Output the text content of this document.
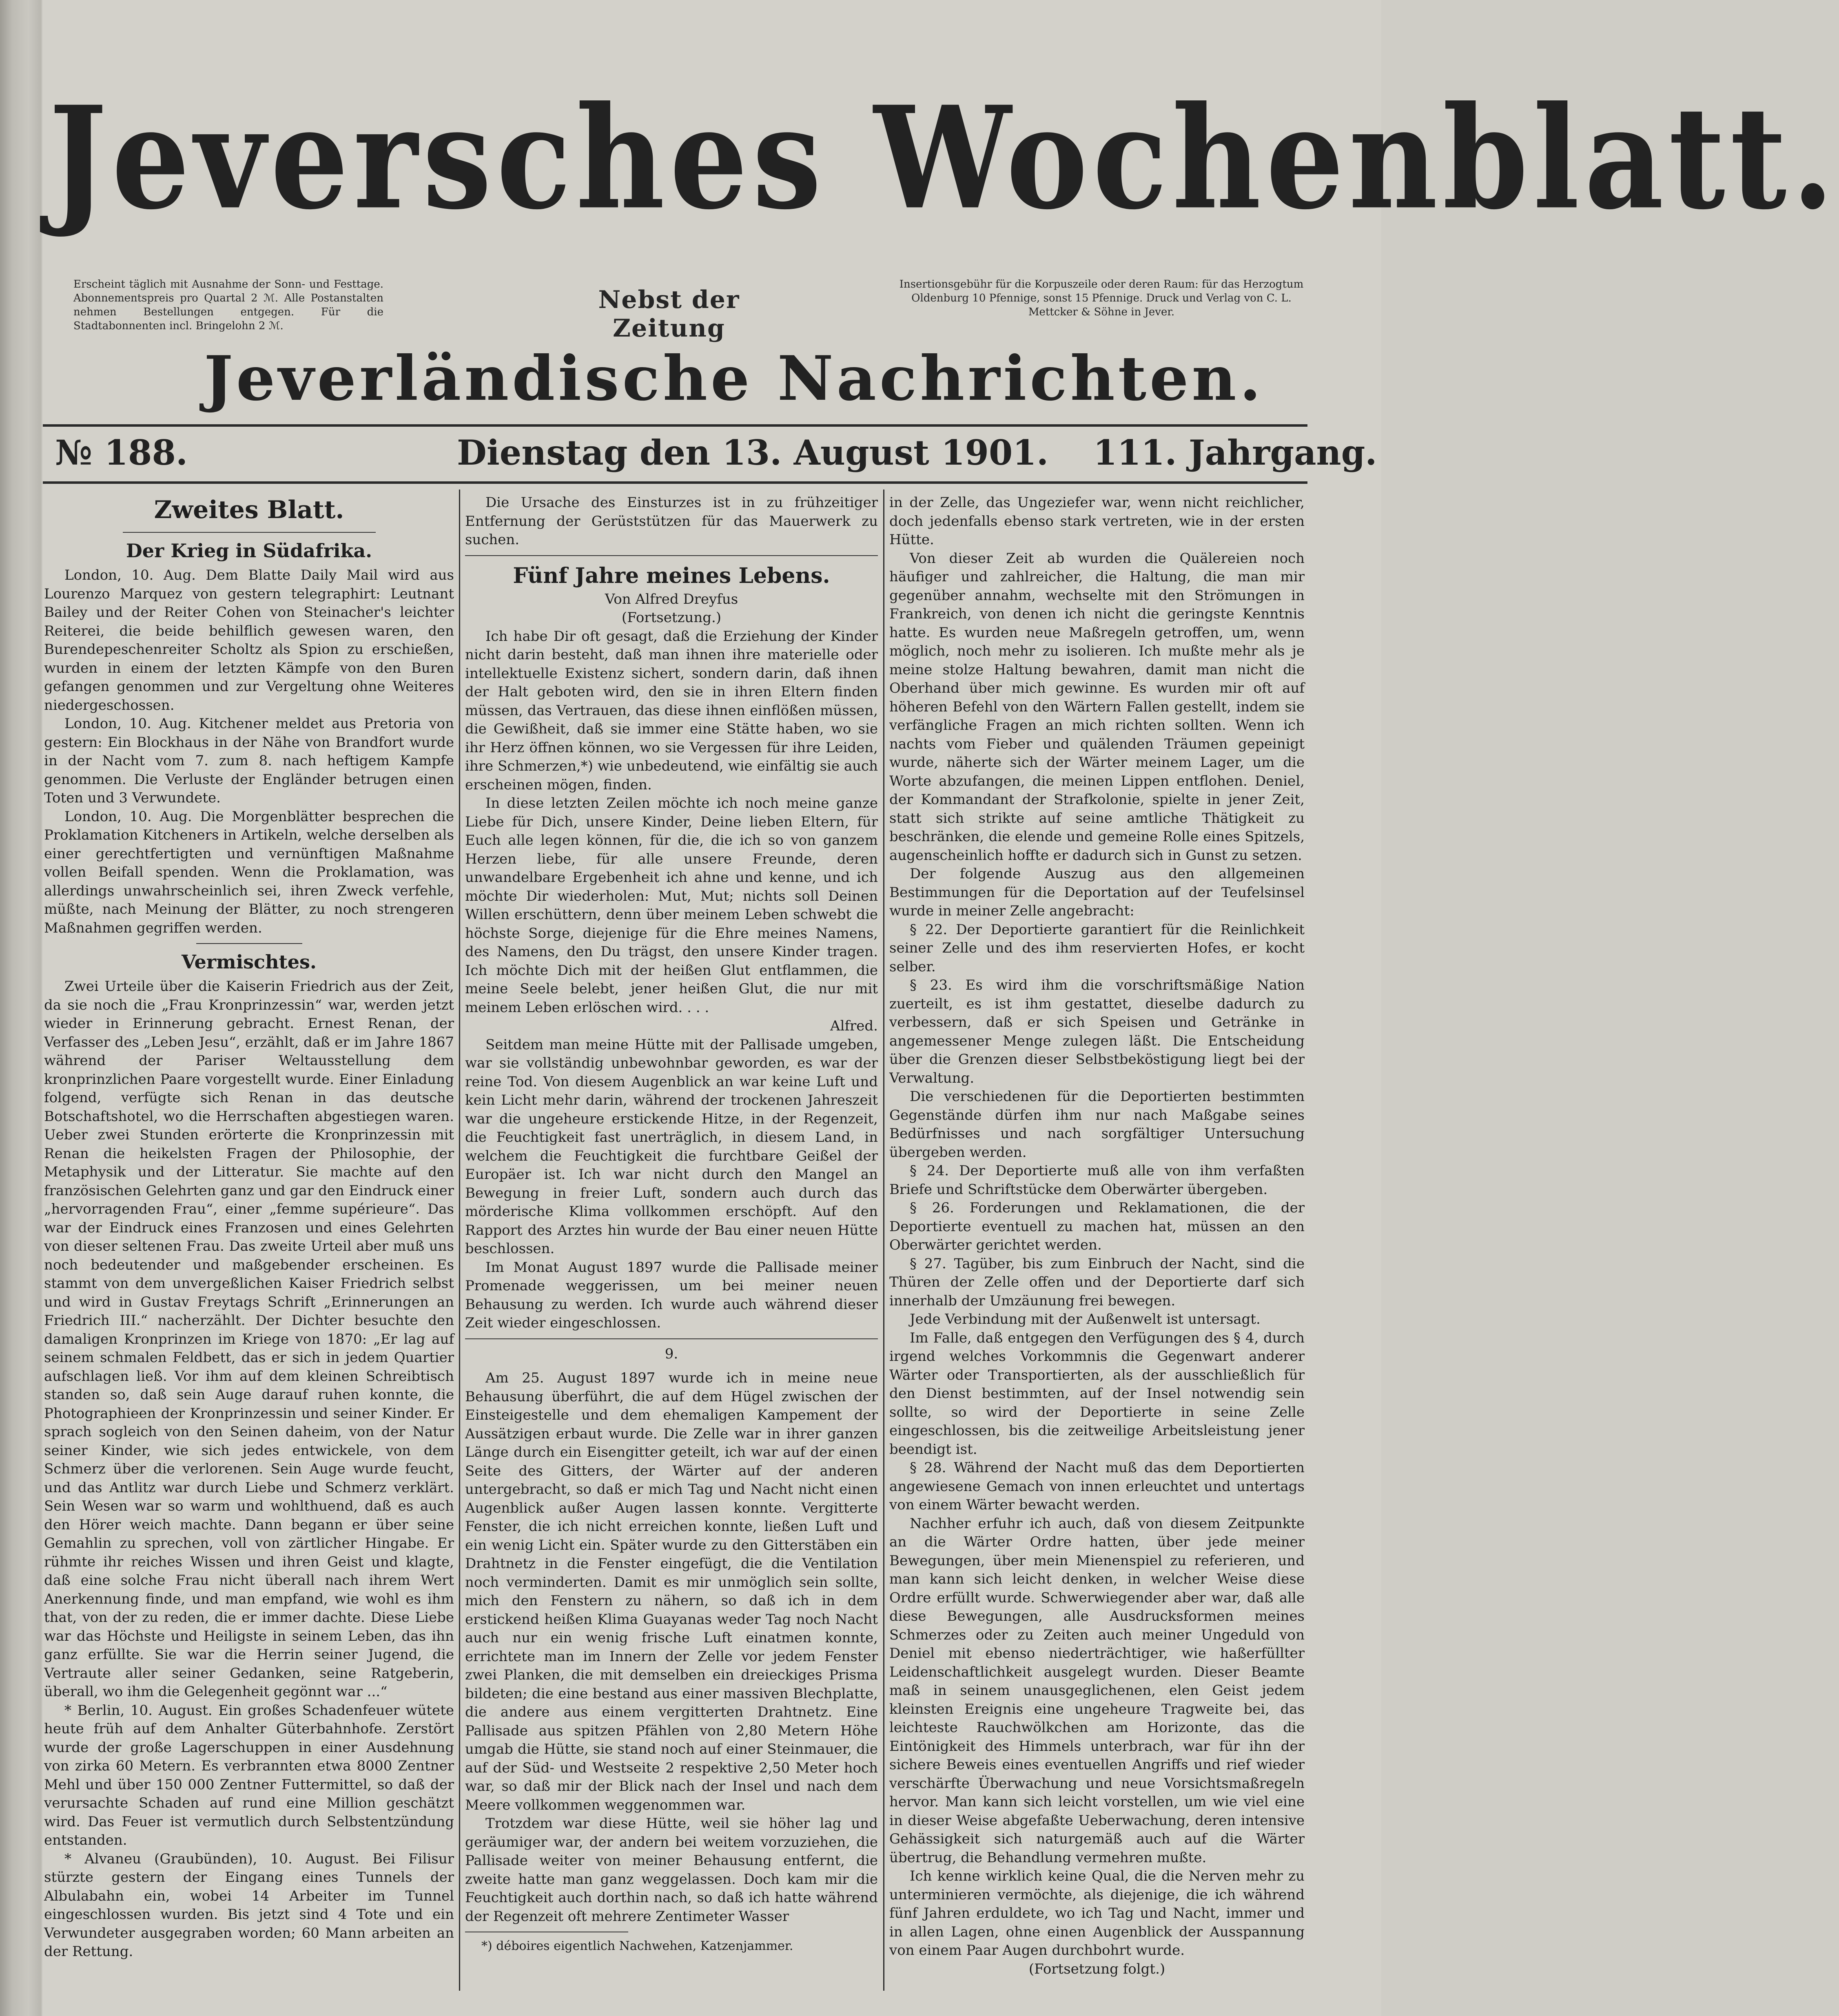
Jeversches Wochenblatt.
Erscheint täglich mit Ausnahme der Sonn- und Festtage. Abonnementspreis pro Quartal 2 ℳ. Alle Postanstalten nehmen Bestellungen entgegen. Für die Stadtabonnenten incl. Bringelohn 2 ℳ.
Nebst der Zeitung
Insertionsgebühr für die Korpuszeile oder deren Raum: für das Herzogtum Oldenburg 10 Pfennige, sonst 15 Pfennige. Druck und Verlag von C. L. Mettcker & Söhne in Jever.
Jeverländische Nachrichten.
№ 188.	Dienstag den 13. August 1901. 111. Jahrgang.
Zweites Blatt.
Der Krieg in Südafrika.

London, 10. Aug. Dem Blatte Daily Mail wird aus Lourenzo Marquez von gestern telegraphirt: Leutnant Bailey und der Reiter Cohen von Steinacher's leichter Reiterei, die beide behilflich gewesen waren, den Burendepeschenreiter Scholtz als Spion zu erschießen, wurden in einem der letzten Kämpfe von den Buren gefangen genommen und zur Vergeltung ohne Weiteres niedergeschossen.

London, 10. Aug. Kitchener meldet aus Pretoria von gestern: Ein Blockhaus in der Nähe von Brandfort wurde in der Nacht vom 7. zum 8. nach heftigem Kampfe genommen. Die Verluste der Engländer betrugen einen Toten und 3 Verwundete.

London, 10. Aug. Die Morgenblätter besprechen die Proklamation Kitcheners in Artikeln, welche derselben als einer gerechtfertigten und vernünftigen Maßnahme vollen Beifall spenden. Wenn die Proklamation, was allerdings unwahrscheinlich sei, ihren Zweck verfehle, müßte, nach Meinung der Blätter, zu noch strengeren Maßnahmen gegriffen werden.

Vermischtes.

Zwei Urteile über die Kaiserin Friedrich aus der Zeit, da sie noch die „Frau Kronprinzessin“ war, werden jetzt wieder in Erinnerung gebracht. Ernest Renan, der Verfasser des „Leben Jesu“, erzählt, daß er im Jahre 1867 während der Pariser Weltausstellung dem kronprinzlichen Paare vorgestellt wurde. Einer Einladung folgend, verfügte sich Renan in das deutsche Botschaftshotel, wo die Herrschaften abgestiegen waren. Ueber zwei Stunden erörterte die Kronprinzessin mit Renan die heikelsten Fragen der Philosophie, der Metaphysik und der Litteratur. Sie machte auf den französischen Gelehrten ganz und gar den Eindruck einer „hervorragenden Frau“, einer „femme supérieure“. Das war der Eindruck eines Franzosen und eines Gelehrten von dieser seltenen Frau. Das zweite Urteil aber muß uns noch bedeutender und maßgebender erscheinen. Es stammt von dem unvergeßlichen Kaiser Friedrich selbst und wird in Gustav Freytags Schrift „Erinnerungen an Friedrich III.“ nacherzählt. Der Dichter besuchte den damaligen Kronprinzen im Kriege von 1870: „Er lag auf seinem schmalen Feldbett, das er sich in jedem Quartier aufschlagen ließ. Vor ihm auf dem kleinen Schreibtisch standen so, daß sein Auge darauf ruhen konnte, die Photographieen der Kronprinzessin und seiner Kinder. Er sprach sogleich von den Seinen daheim, von der Natur seiner Kinder, wie sich jedes entwickele, von dem Schmerz über die verlorenen. Sein Auge wurde feucht, und das Antlitz war durch Liebe und Schmerz verklärt. Sein Wesen war so warm und wohlthuend, daß es auch den Hörer weich machte. Dann begann er über seine Gemahlin zu sprechen, voll von zärtlicher Hingabe. Er rühmte ihr reiches Wissen und ihren Geist und klagte, daß eine solche Frau nicht überall nach ihrem Wert Anerkennung finde, und man empfand, wie wohl es ihm that, von der zu reden, die er immer dachte. Diese Liebe war das Höchste und Heiligste in seinem Leben, das ihn ganz erfüllte. Sie war die Herrin seiner Jugend, die Vertraute aller seiner Gedanken, seine Ratgeberin, überall, wo ihm die Gelegenheit gegönnt war ...“

* Berlin, 10. August. Ein großes Schadenfeuer wütete heute früh auf dem Anhalter Güterbahnhofe. Zerstört wurde der große Lagerschuppen in einer Ausdehnung von zirka 60 Metern. Es verbrannten etwa 8000 Zentner Mehl und über 150 000 Zentner Futtermittel, so daß der verursachte Schaden auf rund eine Million geschätzt wird. Das Feuer ist vermutlich durch Selbstentzündung entstanden.

* Alvaneu (Graubünden), 10. August. Bei Filisur stürzte gestern der Eingang eines Tunnels der Albulabahn ein, wobei 14 Arbeiter im Tunnel eingeschlossen wurden. Bis jetzt sind 4 Tote und ein Verwundeter ausgegraben worden; 60 Mann arbeiten an der Rettung.

Die Ursache des Einsturzes ist in zu frühzeitiger Entfernung der Gerüststützen für das Mauerwerk zu suchen.

Fünf Jahre meines Lebens.

Von Alfred Dreyfus

(Fortsetzung.)

Ich habe Dir oft gesagt, daß die Erziehung der Kinder nicht darin besteht, daß man ihnen ihre materielle oder intellektuelle Existenz sichert, sondern darin, daß ihnen der Halt geboten wird, den sie in ihren Eltern finden müssen, das Vertrauen, das diese ihnen einflößen müssen, die Gewißheit, daß sie immer eine Stätte haben, wo sie ihr Herz öffnen können, wo sie Vergessen für ihre Leiden, ihre Schmerzen,*) wie unbedeutend, wie einfältig sie auch erscheinen mögen, finden.

In diese letzten Zeilen möchte ich noch meine ganze Liebe für Dich, unsere Kinder, Deine lieben Eltern, für Euch alle legen können, für die, die ich so von ganzem Herzen liebe, für alle unsere Freunde, deren unwandelbare Ergebenheit ich ahne und kenne, und ich möchte Dir wiederholen: Mut, Mut; nichts soll Deinen Willen erschüttern, denn über meinem Leben schwebt die höchste Sorge, diejenige für die Ehre meines Namens, des Namens, den Du trägst, den unsere Kinder tragen. Ich möchte Dich mit der heißen Glut entflammen, die meine Seele belebt, jener heißen Glut, die nur mit meinem Leben erlöschen wird. . . .

Alfred.

Seitdem man meine Hütte mit der Pallisade umgeben, war sie vollständig unbewohnbar geworden, es war der reine Tod. Von diesem Augenblick an war keine Luft und kein Licht mehr darin, während der trockenen Jahreszeit war die ungeheure erstickende Hitze, in der Regenzeit, die Feuchtigkeit fast unerträglich, in diesem Land, in welchem die Feuchtigkeit die furchtbare Geißel der Europäer ist. Ich war nicht durch den Mangel an Bewegung in freier Luft, sondern auch durch das mörderische Klima vollkommen erschöpft. Auf den Rapport des Arztes hin wurde der Bau einer neuen Hütte beschlossen.

Im Monat August 1897 wurde die Pallisade meiner Promenade weggerissen, um bei meiner neuen Behausung zu werden. Ich wurde auch während dieser Zeit wieder eingeschlossen.

9.

Am 25. August 1897 wurde ich in meine neue Behausung überführt, die auf dem Hügel zwischen der Einsteigestelle und dem ehemaligen Kampement der Aussätzigen erbaut wurde. Die Zelle war in ihrer ganzen Länge durch ein Eisengitter geteilt, ich war auf der einen Seite des Gitters, der Wärter auf der anderen untergebracht, so daß er mich Tag und Nacht nicht einen Augenblick außer Augen lassen konnte. Vergitterte Fenster, die ich nicht erreichen konnte, ließen Luft und ein wenig Licht ein. Später wurde zu den Gitterstäben ein Drahtnetz in die Fenster eingefügt, die die Ventilation noch verminderten. Damit es mir unmöglich sein sollte, mich den Fenstern zu nähern, so daß ich in dem erstickend heißen Klima Guayanas weder Tag noch Nacht auch nur ein wenig frische Luft einatmen konnte, errichtete man im Innern der Zelle vor jedem Fenster zwei Planken, die mit demselben ein dreieckiges Prisma bildeten; die eine bestand aus einer massiven Blechplatte, die andere aus einem vergitterten Drahtnetz. Eine Pallisade aus spitzen Pfählen von 2,80 Metern Höhe umgab die Hütte, sie stand noch auf einer Steinmauer, die auf der Süd- und Westseite 2 respektive 2,50 Meter hoch war, so daß mir der Blick nach der Insel und nach dem Meere vollkommen weggenommen war.

Trotzdem war diese Hütte, weil sie höher lag und geräumiger war, der andern bei weitem vorzuziehen, die Pallisade weiter von meiner Behausung entfernt, die zweite hatte man ganz weggelassen. Doch kam mir die Feuchtigkeit auch dorthin nach, so daß ich hatte während der Regenzeit oft mehrere Zentimeter Wasser

*) déboires eigentlich Nachwehen, Katzenjammer.

in der Zelle, das Ungeziefer war, wenn nicht reichlicher, doch jedenfalls ebenso stark vertreten, wie in der ersten Hütte.

Von dieser Zeit ab wurden die Quälereien noch häufiger und zahlreicher, die Haltung, die man mir gegenüber annahm, wechselte mit den Strömungen in Frankreich, von denen ich nicht die geringste Kenntnis hatte. Es wurden neue Maßregeln getroffen, um, wenn möglich, noch mehr zu isolieren. Ich mußte mehr als je meine stolze Haltung bewahren, damit man nicht die Oberhand über mich gewinne. Es wurden mir oft auf höheren Befehl von den Wärtern Fallen gestellt, indem sie verfängliche Fragen an mich richten sollten. Wenn ich nachts vom Fieber und quälenden Träumen gepeinigt wurde, näherte sich der Wärter meinem Lager, um die Worte abzufangen, die meinen Lippen entflohen. Deniel, der Kommandant der Strafkolonie, spielte in jener Zeit, statt sich strikte auf seine amtliche Thätigkeit zu beschränken, die elende und gemeine Rolle eines Spitzels, augenscheinlich hoffte er dadurch sich in Gunst zu setzen.

Der folgende Auszug aus den allgemeinen Bestimmungen für die Deportation auf der Teufelsinsel wurde in meiner Zelle angebracht:

§ 22. Der Deportierte garantiert für die Reinlichkeit seiner Zelle und des ihm reservierten Hofes, er kocht selber.

§ 23. Es wird ihm die vorschriftsmäßige Nation zuerteilt, es ist ihm gestattet, dieselbe dadurch zu verbessern, daß er sich Speisen und Getränke in angemessener Menge zulegen läßt. Die Entscheidung über die Grenzen dieser Selbstbeköstigung liegt bei der Verwaltung.

Die verschiedenen für die Deportierten bestimmten Gegenstände dürfen ihm nur nach Maßgabe seines Bedürfnisses und nach sorgfältiger Untersuchung übergeben werden.

§ 24. Der Deportierte muß alle von ihm verfaßten Briefe und Schriftstücke dem Oberwärter übergeben.

§ 26. Forderungen und Reklamationen, die der Deportierte eventuell zu machen hat, müssen an den Oberwärter gerichtet werden.

§ 27. Tagüber, bis zum Einbruch der Nacht, sind die Thüren der Zelle offen und der Deportierte darf sich innerhalb der Umzäunung frei bewegen.

Jede Verbindung mit der Außenwelt ist untersagt.

Im Falle, daß entgegen den Verfügungen des § 4, durch irgend welches Vorkommnis die Gegenwart anderer Wärter oder Transportierten, als der ausschließlich für den Dienst bestimmten, auf der Insel notwendig sein sollte, so wird der Deportierte in seine Zelle eingeschlossen, bis die zeitweilige Arbeitsleistung jener beendigt ist.

§ 28. Während der Nacht muß das dem Deportierten angewiesene Gemach von innen erleuchtet und untertags von einem Wärter bewacht werden.

Nachher erfuhr ich auch, daß von diesem Zeitpunkte an die Wärter Ordre hatten, über jede meiner Bewegungen, über mein Mienenspiel zu referieren, und man kann sich leicht denken, in welcher Weise diese Ordre erfüllt wurde. Schwerwiegender aber war, daß alle diese Bewegungen, alle Ausdrucksformen meines Schmerzes oder zu Zeiten auch meiner Ungeduld von Deniel mit ebenso niederträchtiger, wie haßerfüllter Leidenschaftlichkeit ausgelegt wurden. Dieser Beamte maß in seinem unausgeglichenen, elen Geist jedem kleinsten Ereignis eine ungeheure Tragweite bei, das leichteste Rauchwölkchen am Horizonte, das die Eintönigkeit des Himmels unterbrach, war für ihn der sichere Beweis eines eventuellen Angriffs und rief wieder verschärfte Überwachung und neue Vorsichtsmaßregeln hervor. Man kann sich leicht vorstellen, um wie viel eine in dieser Weise abgefaßte Ueberwachung, deren intensive Gehässigkeit sich naturgemäß auch auf die Wärter übertrug, die Behandlung vermehren mußte.

Ich kenne wirklich keine Qual, die die Nerven mehr zu unterminieren vermöchte, als diejenige, die ich während fünf Jahren erduldete, wo ich Tag und Nacht, immer und in allen Lagen, ohne einen Augenblick der Ausspannung von einem Paar Augen durchbohrt wurde.

(Fortsetzung folgt.)
